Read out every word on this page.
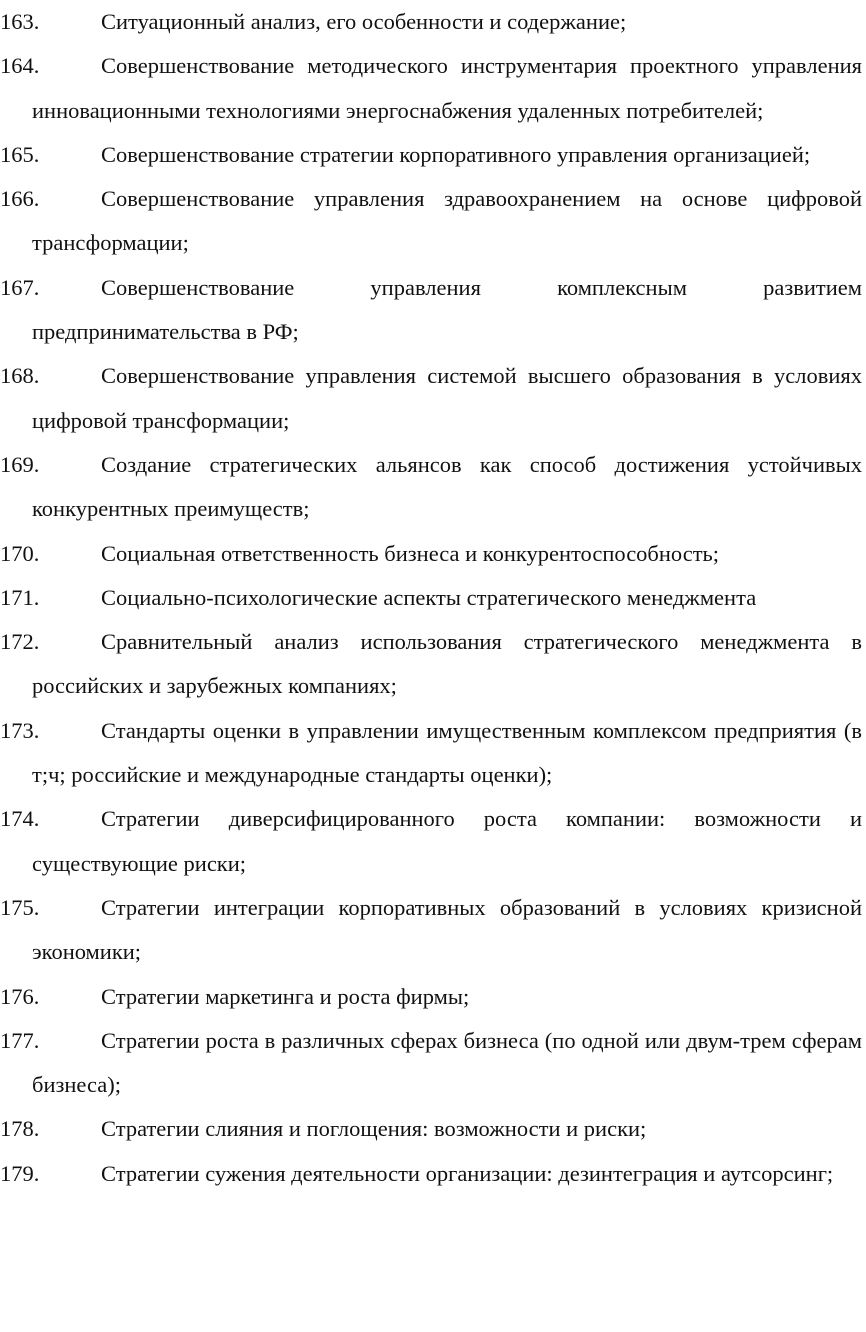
163.	Ситуационный анализ, его особенности и содержание;

164.	Совершенствование методического инструментария проектного управления инновационными технологиями энергоснабжения удаленных потребителей;

165.	Совершенствование стратегии корпоративного управления организацией;

166.	Совершенствование управления здравоохранением на основе цифровой трансформации;

167.	Совершенствование управления комплексным развитием предпринимательства в РФ;

168.	Совершенствование управления системой высшего образования в условиях цифровой трансформации;

169.	Создание стратегических альянсов как способ достижения устойчивых конкурентных преимуществ;

170.	Социальная ответственность бизнеса и конкурентоспособность;

171.	Социально-психологические аспекты стратегического менеджмента

172.	Сравнительный анализ использования стратегического менеджмента в российских и зарубежных компаниях;

173.	Стандарты оценки в управлении имущественным комплексом предприятия (в т;ч; российские и международные стандарты оценки);

174.	Стратегии диверсифицированного роста компании: возможности и существующие риски;

175.	Стратегии интеграции корпоративных образований в условиях кризисной экономики;

176.	Стратегии маркетинга и роста фирмы;

177.	Стратегии роста в различных сферах бизнеса (по одной или двум-трем сферам бизнеса);

178.	Стратегии слияния и поглощения: возможности и риски;

179.	Стратегии сужения деятельности организации: дезинтеграция и аутсорсинг;
